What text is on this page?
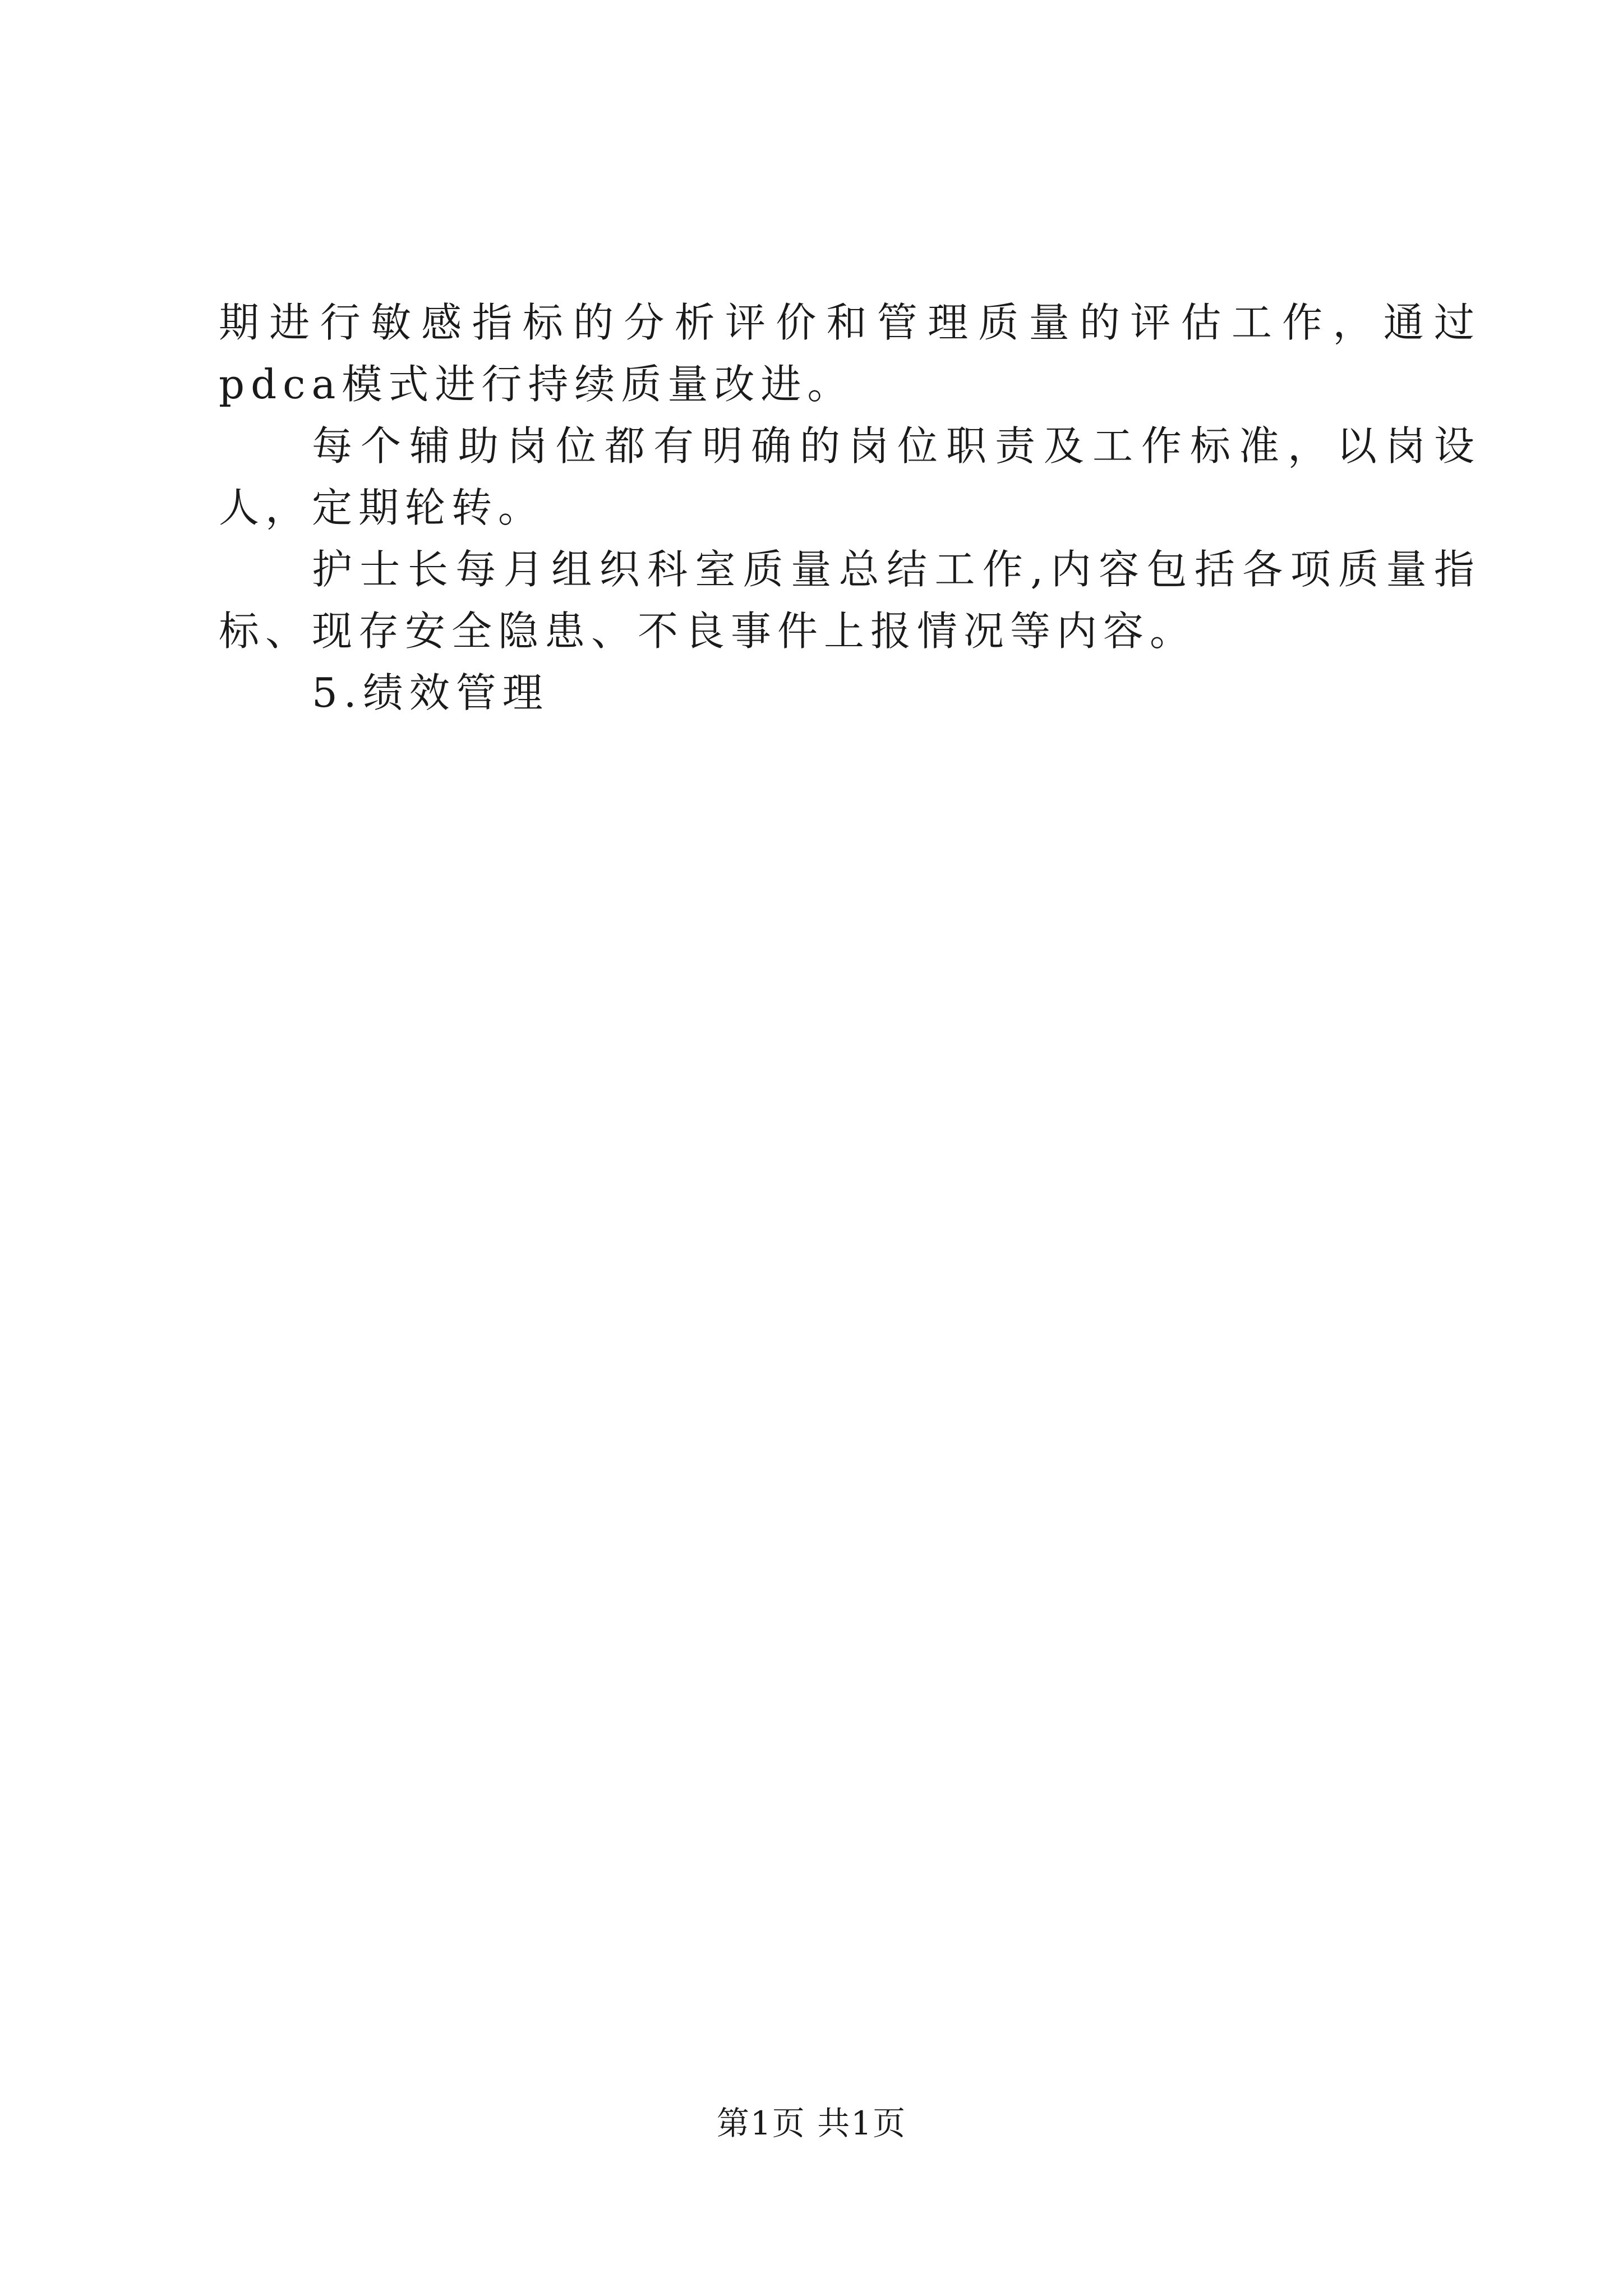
期进行敏感指标的分析评价和管理质量的评估工作，通过pdca模式进行持续质量改进。

每个辅助岗位都有明确的岗位职责及工作标准，以岗设人，定期轮转。

护士长每月组织科室质量总结工作,内容包括各项质量指标、现存安全隐患、不良事件上报情况等内容。

5.绩效管理

第1页 共1页
